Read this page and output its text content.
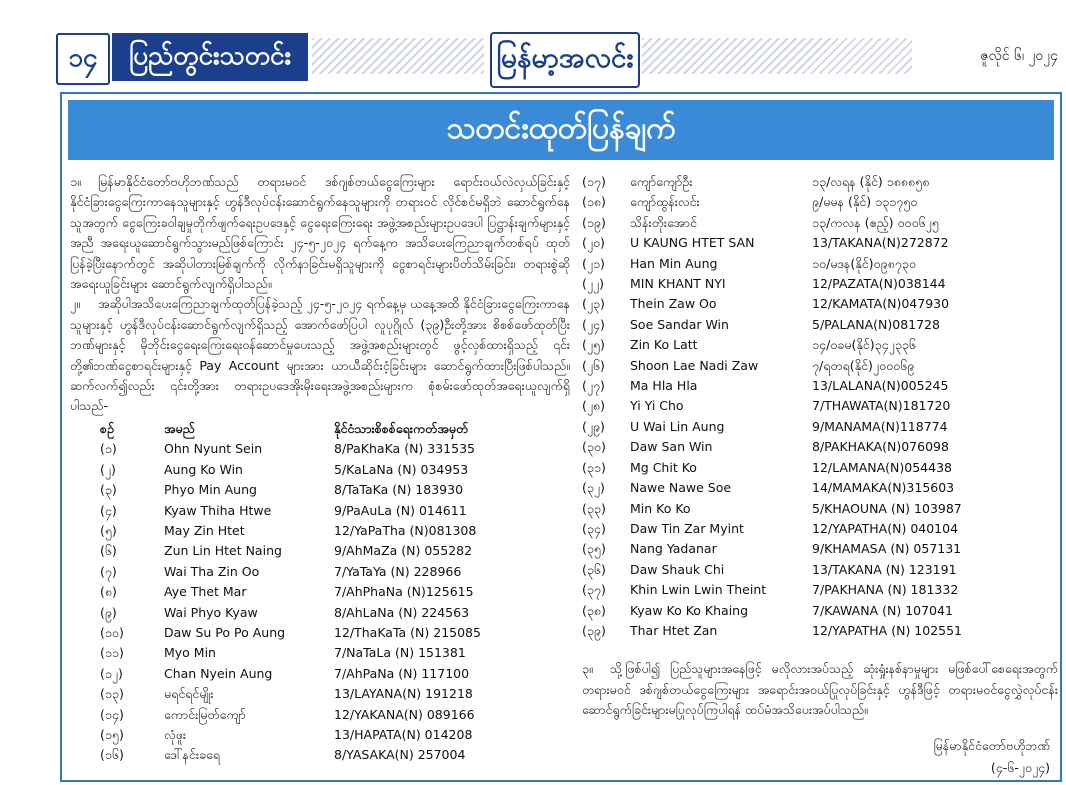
၁၄	ပြည်တွင်းသတင်း	မြန်မာ့အလင်း	ဇူလိုင် ၆၊ ၂၀၂၄
သတင်းထုတ်ပြန်ချက်

၁။ မြန်မာနိုင်ငံတော်ဗဟိုဘဏ်သည် တရားမဝင် ဒစ်ဂျစ်တယ်ငွေကြေးများ ရောင်းဝယ်လဲလှယ်ခြင်းနှင့် နိုင်ငံခြားငွေကြေးကာနေသူများနှင့် ဟွန်ဒီလုပ်ငန်းဆောင်ရွက်နေသူများကို တရားဝင် လိုင်စင်မရှိဘဲ ဆောင်ရွက်နေသူအတွက် ငွေကြေးခဝါချမှုတိုက်ဖျက်ရေးဥပဒေနှင့် ငွေရေးကြေးရေး အဖွဲ့အစည်းများဥပဒေပါ ပြဋ္ဌာန်းချက်များနှင့်အညီ အရေးယူဆောင်ရွက်သွားမည်ဖြစ်ကြောင်း ၂၄-၅-၂၀၂၄ ရက်နေ့က အသိပေးကြေညာချက်တစ်ရပ် ထုတ်ပြန်ခဲ့ပြီးနောက်တွင် အဆိုပါတားမြစ်ချက်ကို လိုက်နာခြင်းမရှိသူများကို ငွေစာရင်းများပိတ်သိမ်းခြင်း၊ တရားစွဲဆိုအရေးယူခြင်းများ ဆောင်ရွက်လျက်ရှိပါသည်။

၂။ အဆိုပါအသိပေးကြေညာချက်ထုတ်ပြန်ခဲ့သည့် ၂၄-၅-၂၀၂၄ ရက်နေ့မှ ယနေ့အထိ နိုင်ငံခြားငွေကြေးကာနေသူများနှင့် ဟွန်ဒီလုပ်ငန်းဆောင်ရွက်လျက်ရှိသည့် အောက်ဖော်ပြပါ လူပုဂ္ဂိုလ် (၃၉)ဦးတို့အား စိစစ်ဖော်ထုတ်ပြီး ဘဏ်များနှင့် မိုဘိုင်းငွေရေးကြေးရေးဝန်ဆောင်မှုပေးသည့် အဖွဲ့အစည်းများတွင် ဖွင့်လှစ်ထားရှိသည့် ၎င်းတို့၏ဘဏ်ငွေစာရင်းများနှင့် Pay Account များအား ယာယီဆိုင်းငံ့ခြင်းများ ဆောင်ရွက်ထားပြီးဖြစ်ပါသည်။ ဆက်လက်၍လည်း ၎င်းတို့အား တရားဥပဒေအိုးမိုးရေးအဖွဲ့အစည်းများက စုံစမ်းဖော်ထုတ်အရေးယူလျက်ရှိပါသည်-

စဉ်	အမည်	နိုင်ငံသားစိစစ်ရေးကတ်အမှတ်
(၁)	Ohn Nyunt Sein	8/PaKhaKa (N) 331535
(၂)	Aung Ko Win	5/KaLaNa (N) 034953
(၃)	Phyo Min Aung	8/TaTaKa (N) 183930
(၄)	Kyaw Thiha Htwe	9/PaAuLa (N) 014611
(၅)	May Zin Htet	12/YaPaTha (N)081308
(၆)	Zun Lin Htet Naing	9/AhMaZa (N) 055282
(၇)	Wai Tha Zin Oo	7/YaTaYa (N) 228966
(၈)	Aye Thet Mar	7/AhPhaNa (N)125615
(၉)	Wai Phyo Kyaw	8/AhLaNa (N) 224563
(၁၀)	Daw Su Po Po Aung	12/ThaKaTa (N) 215085
(၁၁)	Myo Min	7/NaTaLa (N) 151381
(၁၂)	Chan Nyein Aung	7/AhPaNa (N) 117100
(၁၃)	မရင်ရင်မျိုး	13/LAYANA(N) 191218
(၁၄)	ကောင်းမြတ်ကျော်	12/YAKANA(N) 089166
(၁၅)	လုံဖူး	13/HAPATA(N) 014208
(၁၆)	ဒေါ်နင်းခရေ	8/YASAKA(N) 257004
(၁၇)	ကျော်ကျော်ဦး	၁၃/လရန (နိုင်) ၁၈၈၈၅၈
(၁၈)	ကျော်ထွန်းလင်း	၉/မမန (နိုင်) ၁၃၁၇၅၀
(၁၉)	သိန်းတိုးအောင်	၁၃/ကလန (ဧည့်) ၀၀၀၆၂၅
(၂၀)	U KAUNG HTET SAN	13/TAKANA(N)272872
(၂၁)	Han Min Aung	၁၀/မဒန(နိုင်)၀၉၈၇၃၀
(၂၂)	MIN KHANT NYI	12/PAZATA(N)038144
(၂၃)	Thein Zaw Oo	12/KAMATA(N)047930
(၂၄)	Soe Sandar Win	5/PALANA(N)081728
(၂၅)	Zin Ko Latt	၁၄/ဝခမ(နိုင်)၃၄၂၃၃၆
(၂၆)	Shoon Lae Nadi Zaw	၇/ရတရ(နိုင်)၂၀၀၀၆၉
(၂၇)	Ma Hla Hla	13/LALANA(N)005245
(၂၈)	Yi Yi Cho	7/THAWATA(N)181720
(၂၉)	U Wai Lin Aung	9/MANAMA(N)118774
(၃၀)	Daw San Win	8/PAKHAKA(N)076098
(၃၁)	Mg Chit Ko	12/LAMANA(N)054438
(၃၂)	Nawe Nawe Soe	14/MAMAKA(N)315603
(၃၃)	Min Ko Ko	5/KHAOUNA (N) 103987
(၃၄)	Daw Tin Zar Myint	12/YAPATHA(N) 040104
(၃၅)	Nang Yadanar	9/KHAMASA (N) 057131
(၃၆)	Daw Shauk Chi	13/TAKANA (N) 123191
(၃၇)	Khin Lwin Lwin Theint	7/PAKHANA (N) 181332
(၃၈)	Kyaw Ko Ko Khaing	7/KAWANA (N) 107041
(၃၉)	Thar Htet Zan	12/YAPATHA (N) 102551

၃။ သို့ဖြစ်ပါ၍ ပြည်သူများအနေဖြင့် မလိုလားအပ်သည့် ဆုံးရှုံးနစ်နာမှုများ မဖြစ်ပေါ်စေရေးအတွက် တရားမဝင် ဒစ်ဂျစ်တယ်ငွေကြေးများ အရောင်းအဝယ်ပြုလုပ်ခြင်းနှင့် ဟွန်ဒီဖြင့် တရားမဝင်ငွေလွှဲလုပ်ငန်းဆောင်ရွက်ခြင်းများမပြုလုပ်ကြပါရန် ထပ်မံအသိပေးအပ်ပါသည်။

မြန်မာနိုင်ငံတော်ဗဟိုဘဏ်
(၄-၆-၂၀၂၄)
